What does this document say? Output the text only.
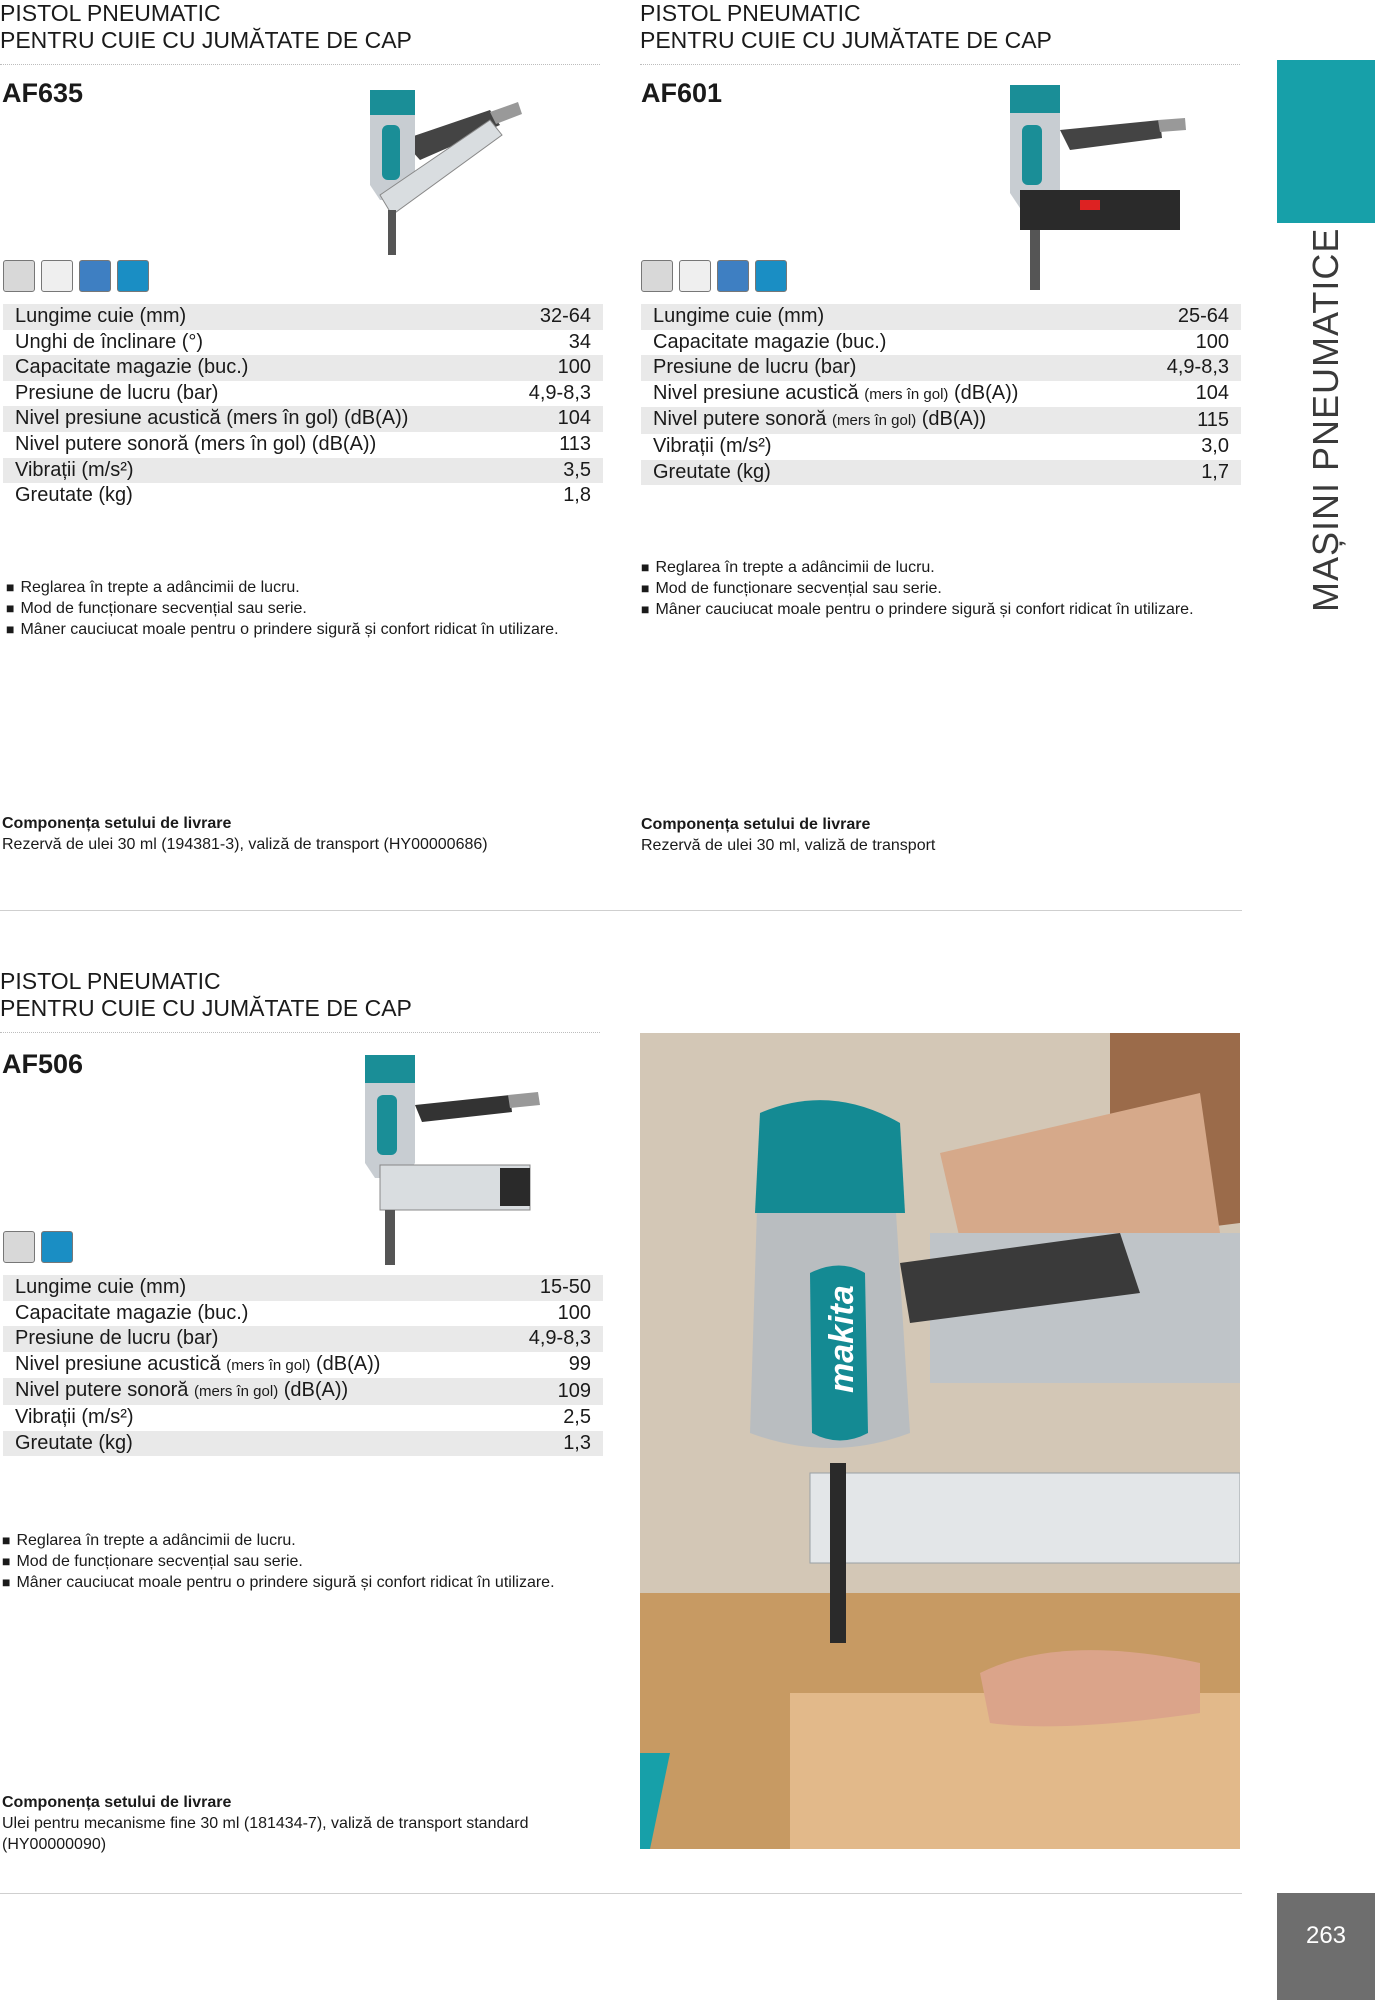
PISTOL PNEUMATIC

PENTRU CUIE CU JUMĂTATE DE CAP

AF635
Lungime cuie (mm)	32-64
Unghi de înclinare (°)	34
Capacitate magazie (buc.)	100
Presiune de lucru (bar)	4,9-8,3
Nivel presiune acustică (mers în gol) (dB(A))	104
Nivel putere sonoră (mers în gol) (dB(A))	113
Vibrații (m/s²)	3,5
Greutate (kg)	1,8
■ Reglarea în trepte a adâncimii de lucru.
■ Mod de funcționare secvențial sau serie.
■ Mâner cauciucat moale pentru o prindere sigură și confort ridicat în utilizare.
Componența setului de livrare
Rezervă de ulei 30 ml (194381-3), valiză de transport (HY00000686)

PISTOL PNEUMATIC

PENTRU CUIE CU JUMĂTATE DE CAP

AF601
Lungime cuie (mm)	25-64
Capacitate magazie (buc.)	100
Presiune de lucru (bar)	4,9-8,3
Nivel presiune acustică (mers în gol) (dB(A))	104
Nivel putere sonoră (mers în gol) (dB(A))	115
Vibrații (m/s²)	3,0
Greutate (kg)	1,7
■ Reglarea în trepte a adâncimii de lucru.
■ Mod de funcționare secvențial sau serie.
■ Mâner cauciucat moale pentru o prindere sigură și confort ridicat în utilizare.
Componența setului de livrare
Rezervă de ulei 30 ml, valiză de transport

PISTOL PNEUMATIC

PENTRU CUIE CU JUMĂTATE DE CAP

AF506
Lungime cuie (mm)	15-50
Capacitate magazie (buc.)	100
Presiune de lucru (bar)	4,9-8,3
Nivel presiune acustică (mers în gol) (dB(A))	99
Nivel putere sonoră (mers în gol) (dB(A))	109
Vibrații (m/s²)	2,5
Greutate (kg)	1,3
■ Reglarea în trepte a adâncimii de lucru.
■ Mod de funcționare secvențial sau serie.
■ Mâner cauciucat moale pentru o prindere sigură și confort ridicat în utilizare.
Componența setului de livrare
Ulei pentru mecanisme fine 30 ml (181434-7), valiză de transport standard (HY00000090)
makita
MAȘINI PNEUMATICE
263
